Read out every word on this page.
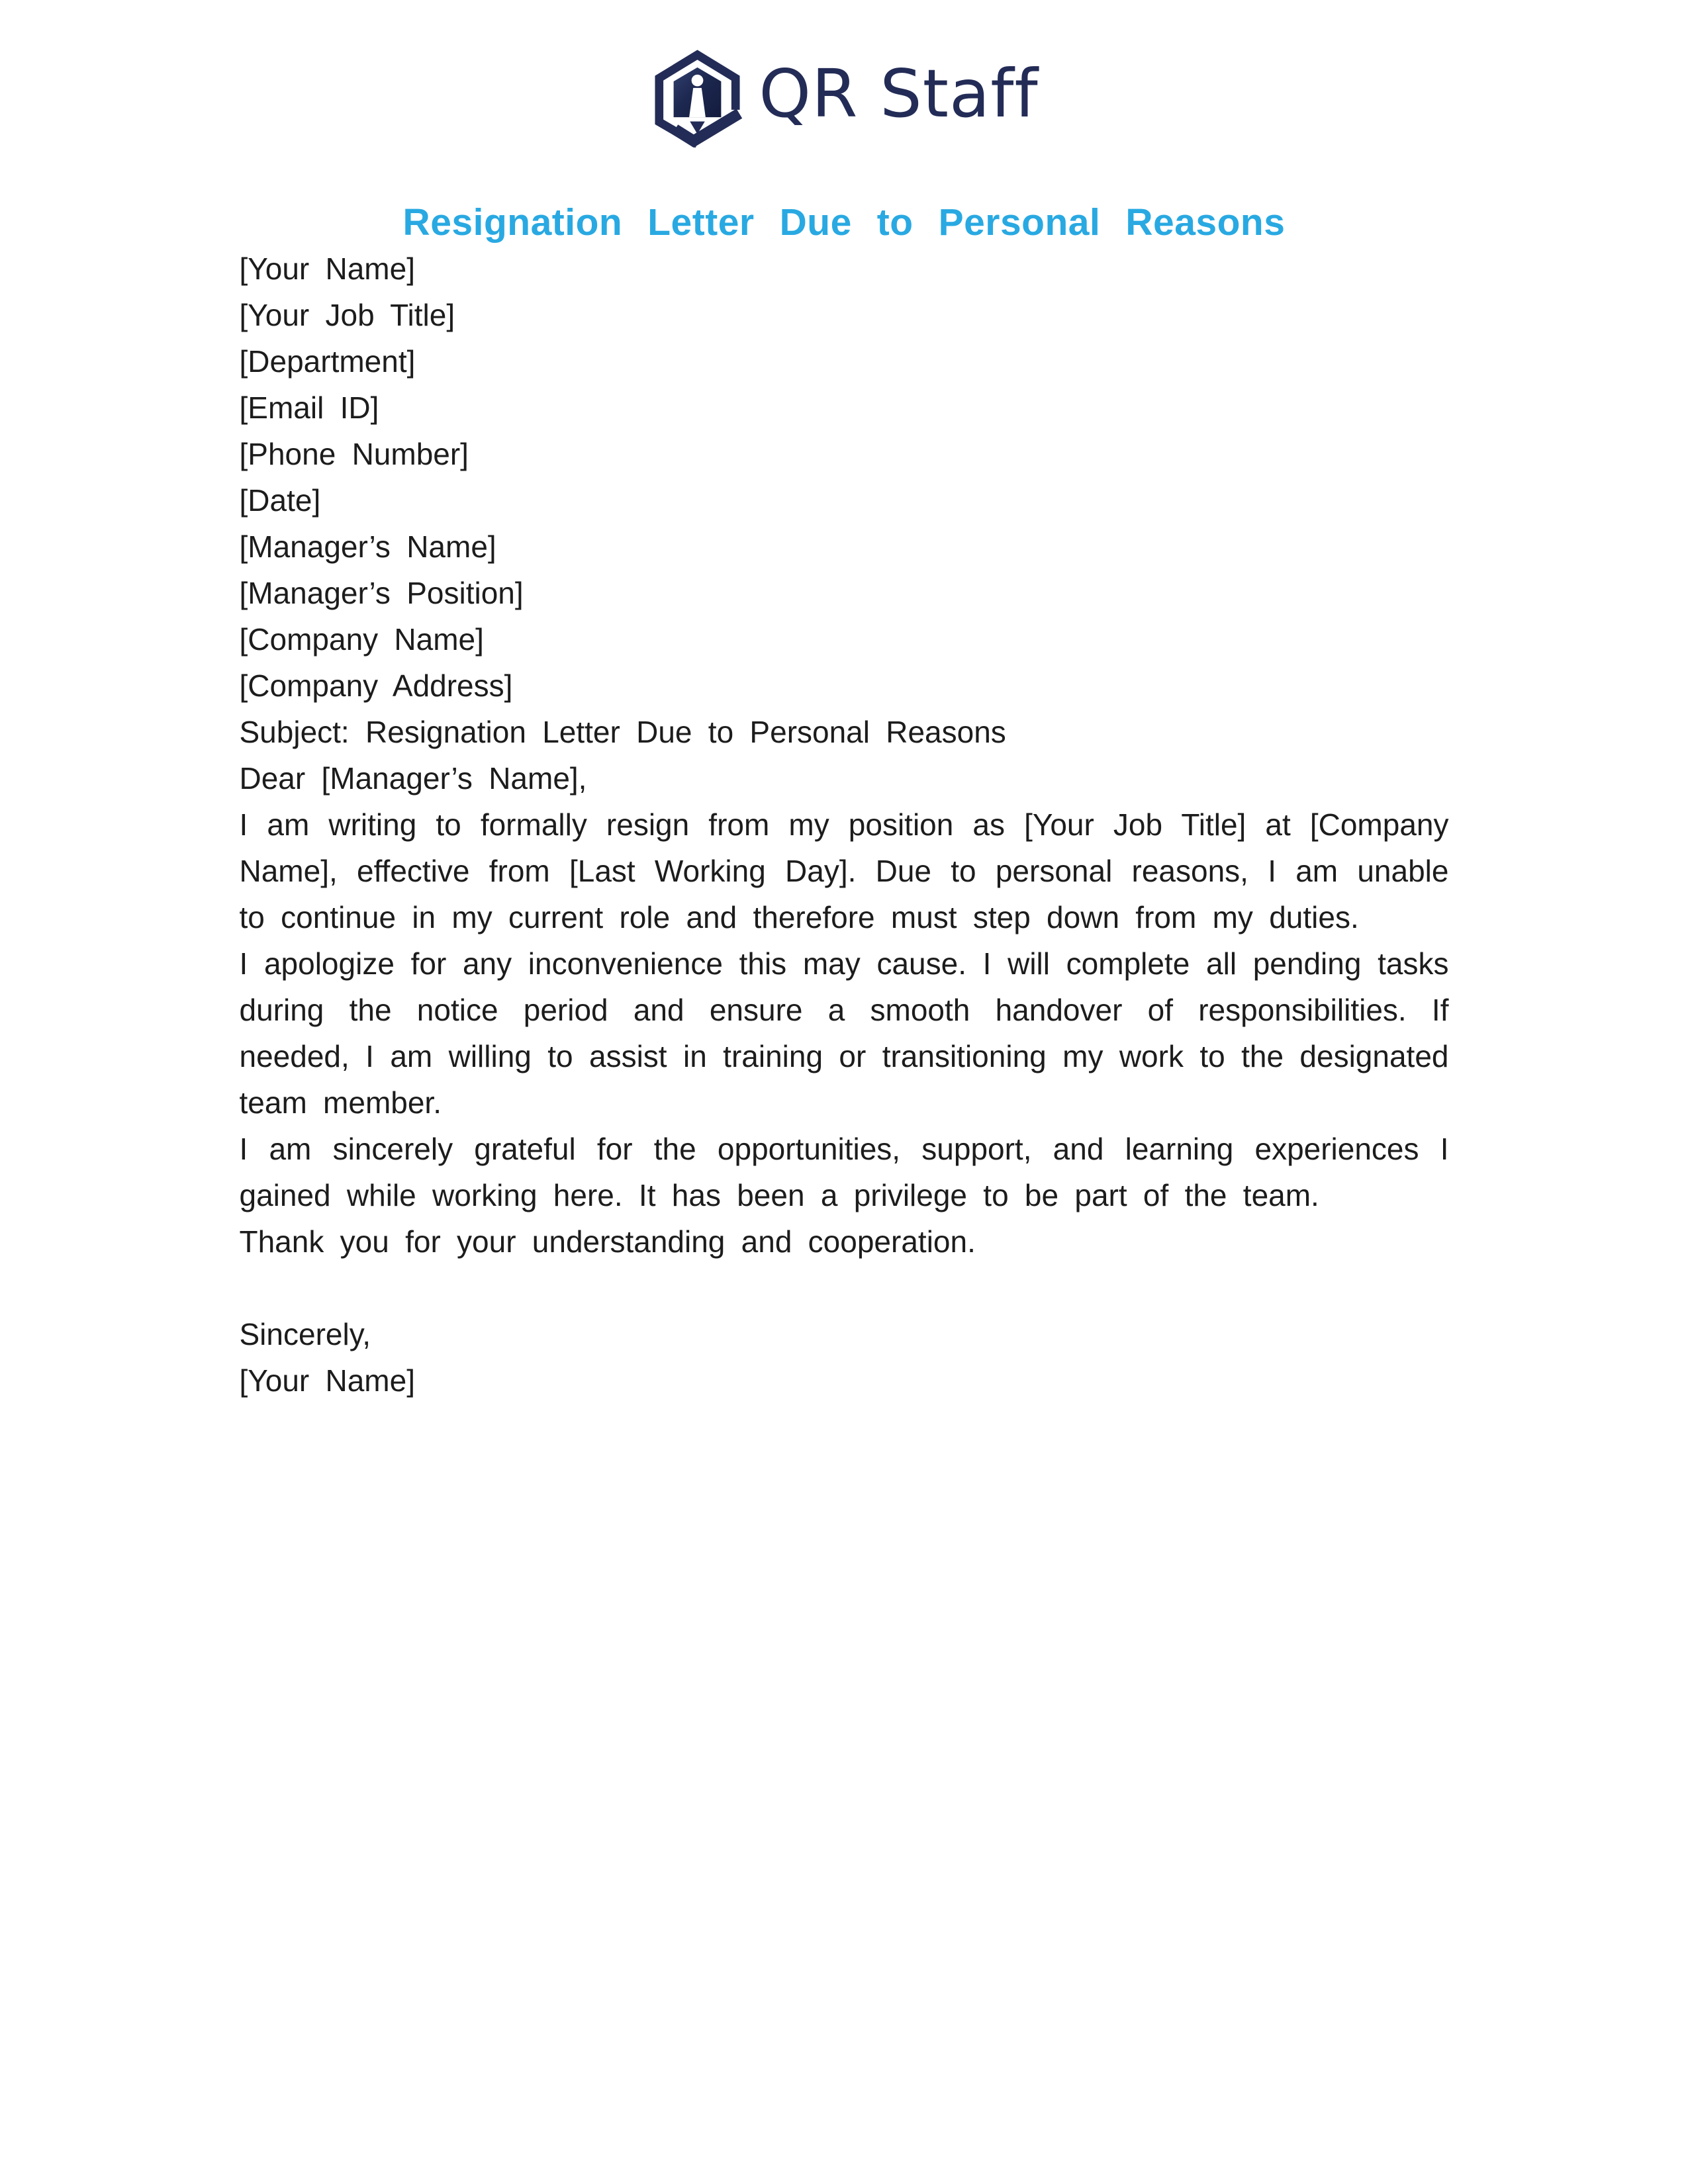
QR Staff
Resignation Letter Due to Personal Reasons

[Your Name]

[Your Job Title]

[Department]

[Email ID]

[Phone Number]

[Date]

[Manager’s Name]

[Manager’s Position]

[Company Name]

[Company Address]

Subject: Resignation Letter Due to Personal Reasons

Dear [Manager’s Name],

I am writing to formally resign from my position as [Your Job Title] at [Company Name], effective from [Last Working Day]. Due to personal reasons, I am unable to continue in my current role and therefore must step down from my duties.

I apologize for any inconvenience this may cause. I will complete all pending tasks during the notice period and ensure a smooth handover of responsibilities. If needed, I am willing to assist in training or transitioning my work to the designated team member.

I am sincerely grateful for the opportunities, support, and learning experiences I gained while working here. It has been a privilege to be part of the team.

Thank you for your understanding and cooperation.

Sincerely,

[Your Name]
